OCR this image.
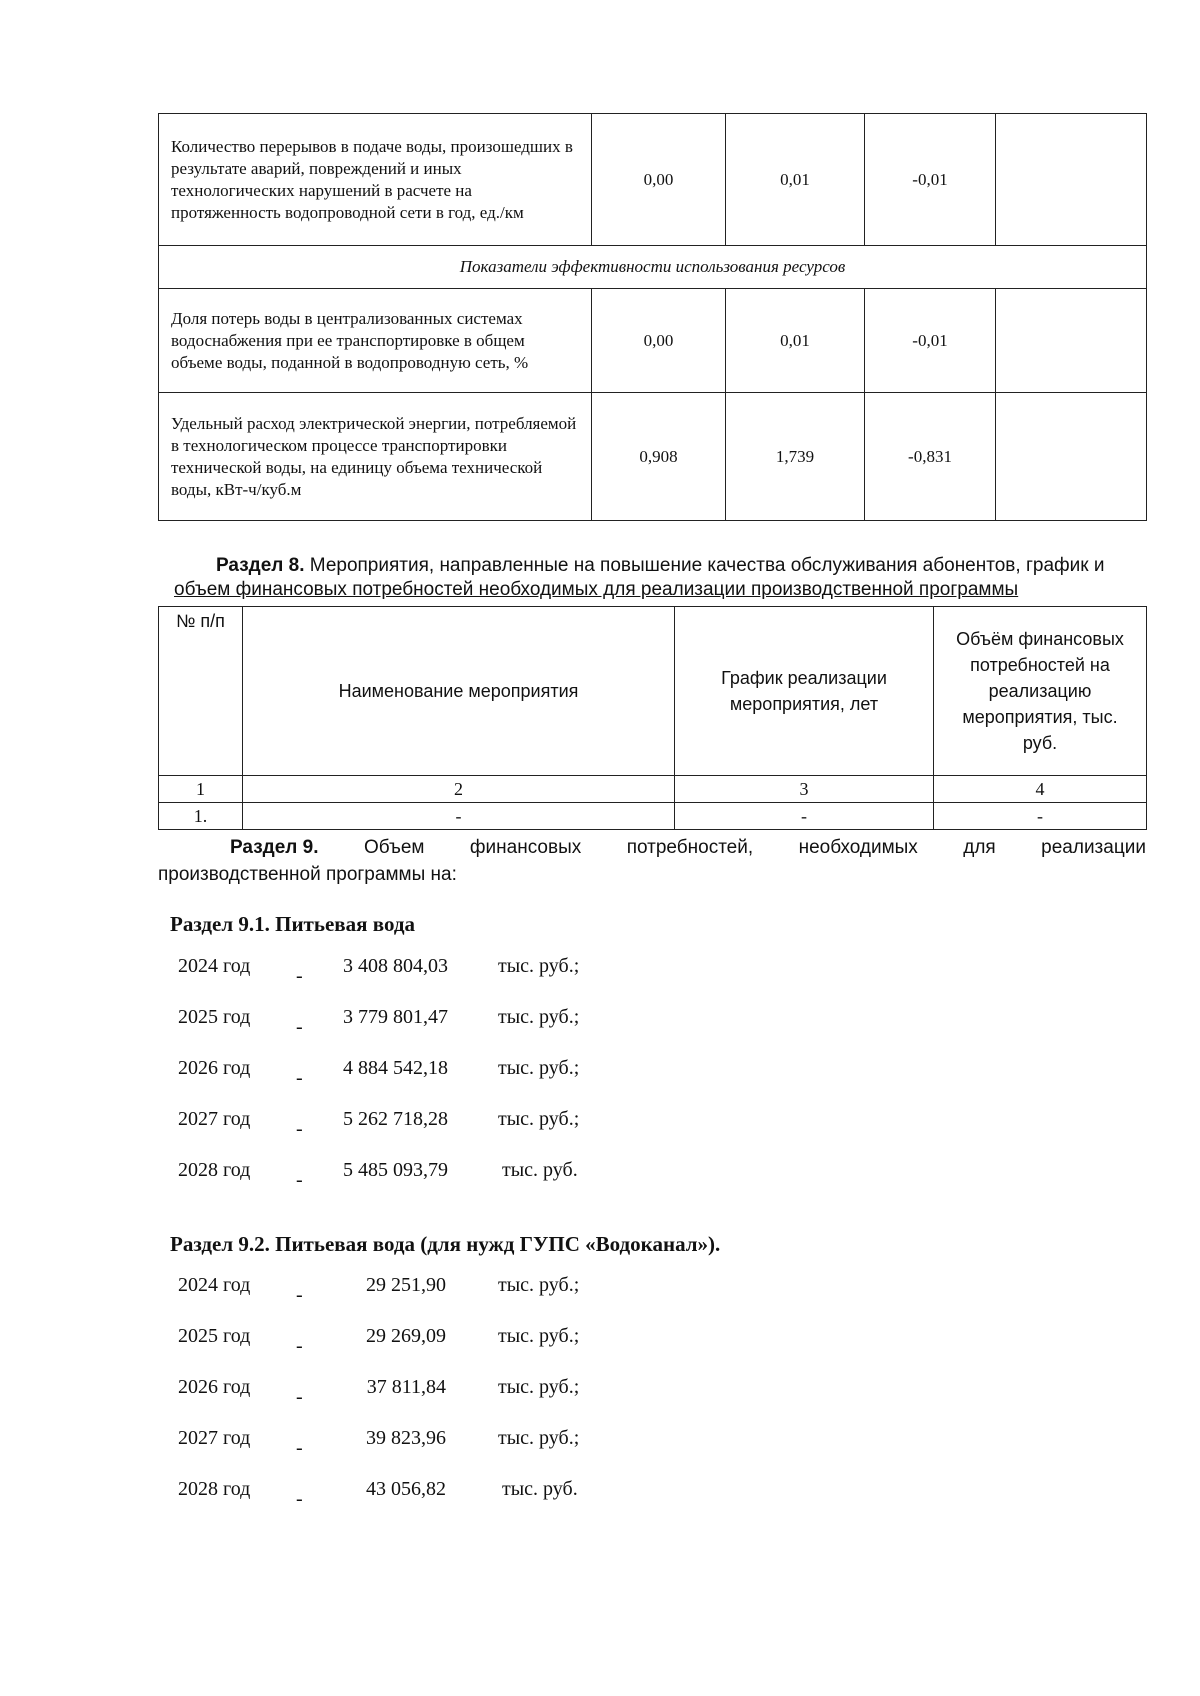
Количество перерывов в подаче воды, произошедших в результате аварий, повреждений и иных технологических нарушений в расчете на протяженность водопроводной сети в год, ед./км	0,00	0,01	-0,01	
Показатели эффективности использования ресурсов				
Доля потерь воды в централизованных системах водоснабжения при ее транспортировке в общем объеме воды, поданной в водопроводную сеть, %	0,00	0,01	-0,01	
Удельный расход электрической энергии, потребляемой в технологическом процессе транспортировки технической воды, на единицу объема технической воды, кВт-ч/куб.м	0,908	1,739	-0,831	
Раздел 8. Мероприятия, направленные на повышение качества обслуживания абонентов, график и
объем финансовых потребностей необходимых для реализации производственной программы
№ п/п	Наименование мероприятия	График реализации мероприятия, лет	Объём финансовых потребностей на реализацию мероприятия, тыс. руб.
1	2	3	4
1.	-	-	-
Раздел 9. Объем финансовых потребностей, необходимых для реализации
производственной программы на:
Раздел 9.1. Питьевая вода
2024 год - 3 408 804,03	тыс. руб.;
2025 год - 3 779 801,47	тыс. руб.;
2026 год - 4 884 542,18	тыс. руб.;
2027 год - 5 262 718,28	тыс. руб.;
2028 год - 5 485 093,79	тыс. руб.
Раздел 9.2. Питьевая вода (для нужд ГУПС «Водоканал»).
2024 год -	29 251,90	тыс. руб.;
2025 год -	29 269,09	тыс. руб.;
2026 год -	37 811,84	тыс. руб.;
2027 год -	39 823,96	тыс. руб.;
2028 год -	43 056,82	тыс. руб.
